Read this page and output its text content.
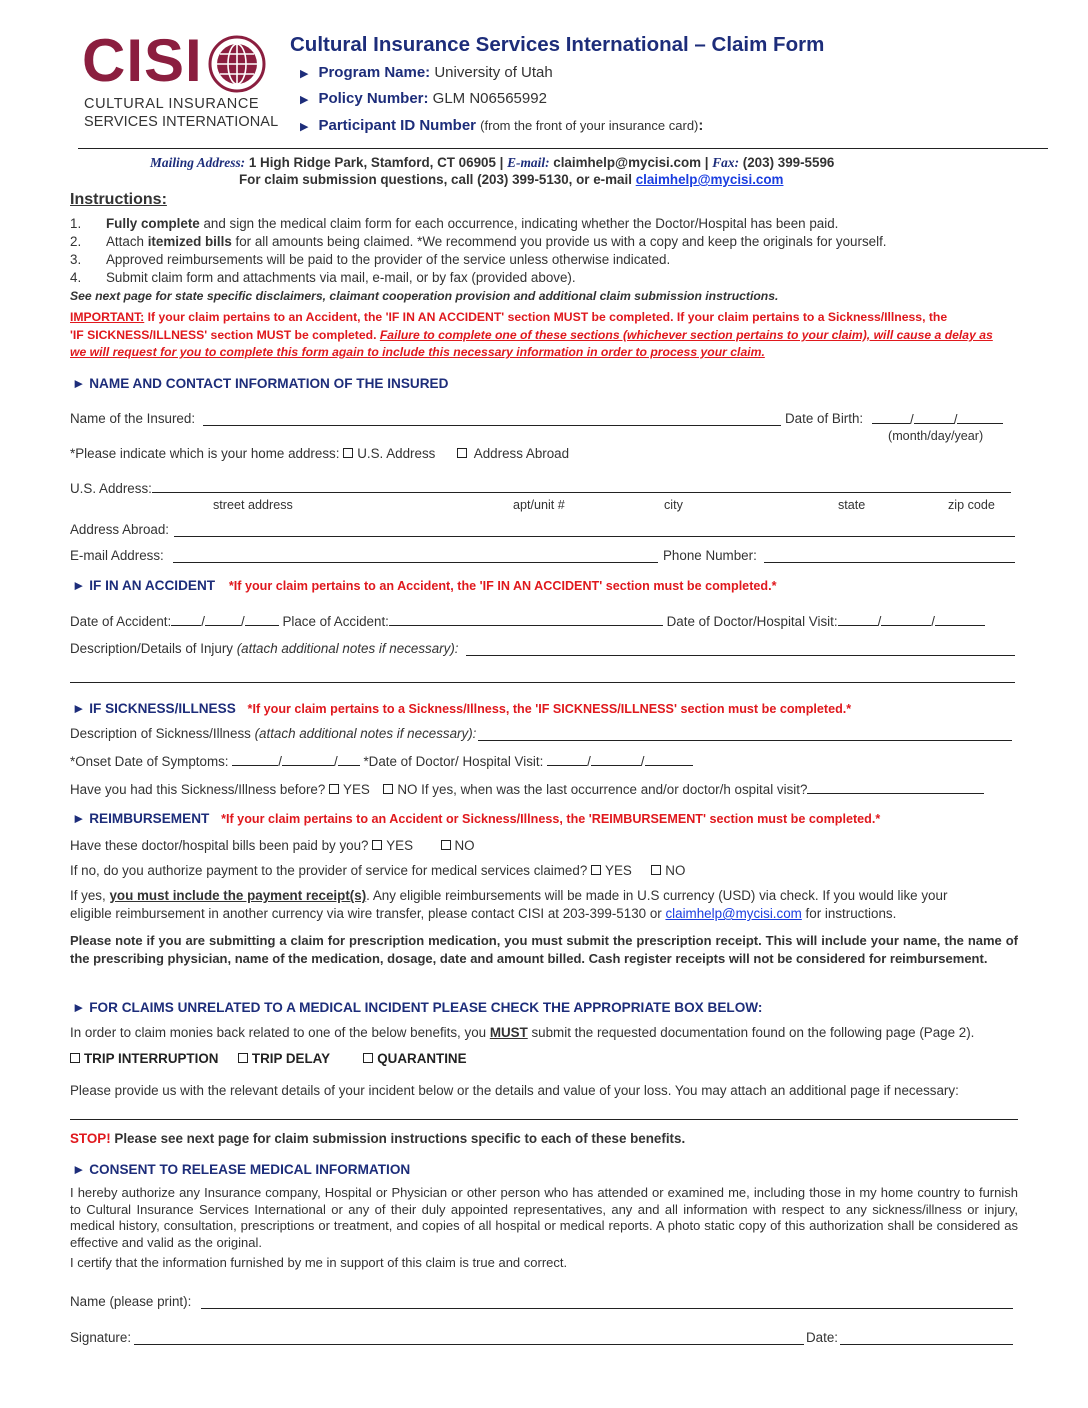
CISI
CULTURAL INSURANCE
SERVICES INTERNATIONAL
Cultural Insurance Services International – Claim Form
▶ Program Name: University of Utah
▶ Policy Number: GLM N06565992
▶ Participant ID Number (from the front of your insurance card):
Mailing Address: 1 High Ridge Park, Stamford, CT 06905 | E-mail: claimhelp@mycisi.com | Fax: (203) 399-5596
For claim submission questions, call (203) 399-5130, or e-mail claimhelp@mycisi.com
Instructions:
1. Fully complete and sign the medical claim form for each occurrence, indicating whether the Doctor/Hospital has been paid.
2. Attach itemized bills for all amounts being claimed. *We recommend you provide us with a copy and keep the originals for yourself.
3. Approved reimbursements will be paid to the provider of the service unless otherwise indicated.
4. Submit claim form and attachments via mail, e-mail, or by fax (provided above).
See next page for state specific disclaimers, claimant cooperation provision and additional claim submission instructions.
IMPORTANT: If your claim pertains to an Accident, the 'IF IN AN ACCIDENT' section MUST be completed. If your claim pertains to a Sickness/Illness, the
'IF SICKNESS/ILLNESS' section MUST be completed. Failure to complete one of these sections (whichever section pertains to your claim), will cause a delay as
we will request for you to complete this form again to include this necessary information in order to process your claim.
► NAME AND CONTACT INFORMATION OF THE INSURED
Name of the Insured:	Date of Birth:	/	/
(month/day/year)
*Please indicate which is your home address: U.S. Address	Address Abroad
U.S. Address:
street address	apt/unit #	city	state	zip code
Address Abroad:
E-mail Address:	Phone Number:
► IF IN AN ACCIDENT *If your claim pertains to an Accident, the 'IF IN AN ACCIDENT' section must be completed.*
Date of Accident: /	/	Place of Accident:	Date of Doctor/Hospital Visit:	/	/
Description/Details of Injury (attach additional notes if necessary):
► IF SICKNESS/ILLNESS *If your claim pertains to a Sickness/Illness, the 'IF SICKNESS/ILLNESS' section must be completed.*
Description of Sickness/Illness (attach additional notes if necessary):
*Onset Date of Symptoms:	/	/ *Date of Doctor/ Hospital Visit:	/	/
Have you had this Sickness/Illness before? YES NO If yes, when was the last occurrence and/or doctor/h ospital visit?
► REIMBURSEMENT *If your claim pertains to an Accident or Sickness/Illness, the 'REIMBURSEMENT' section must be completed.*
Have these doctor/hospital bills been paid by you? YES	NO
If no, do you authorize payment to the provider of service for medical services claimed? YES NO
If yes, you must include the payment receipt(s). Any eligible reimbursements will be made in U.S currency (USD) via check. If you would like your
eligible reimbursement in another currency via wire transfer, please contact CISI at 203-399-5130 or claimhelp@mycisi.com for instructions.
Please note if you are submitting a claim for prescription medication, you must submit the prescription receipt. This will include your name, the name of the prescribing physician, name of the medication, dosage, date and amount billed. Cash register receipts will not be considered for reimbursement.
► FOR CLAIMS UNRELATED TO A MEDICAL INCIDENT PLEASE CHECK THE APPROPRIATE BOX BELOW:
In order to claim monies back related to one of the below benefits, you MUST submit the requested documentation found on the following page (Page 2).
TRIP INTERRUPTION TRIP DELAY	QUARANTINE
Please provide us with the relevant details of your incident below or the details and value of your loss. You may attach an additional page if necessary:
STOP! Please see next page for claim submission instructions specific to each of these benefits.
► CONSENT TO RELEASE MEDICAL INFORMATION
I hereby authorize any Insurance company, Hospital or Physician or other person who has attended or examined me, including those in my home country to furnish to Cultural Insurance Services International or any of their duly appointed representatives, any and all information with respect to any sickness/illness or injury, medical history, consultation, prescriptions or treatment, and copies of all hospital or medical reports. A photo static copy of this authorization shall be considered as effective and valid as the original.
I certify that the information furnished by me in support of this claim is true and correct.
Name (please print):
Signature:	Date:
